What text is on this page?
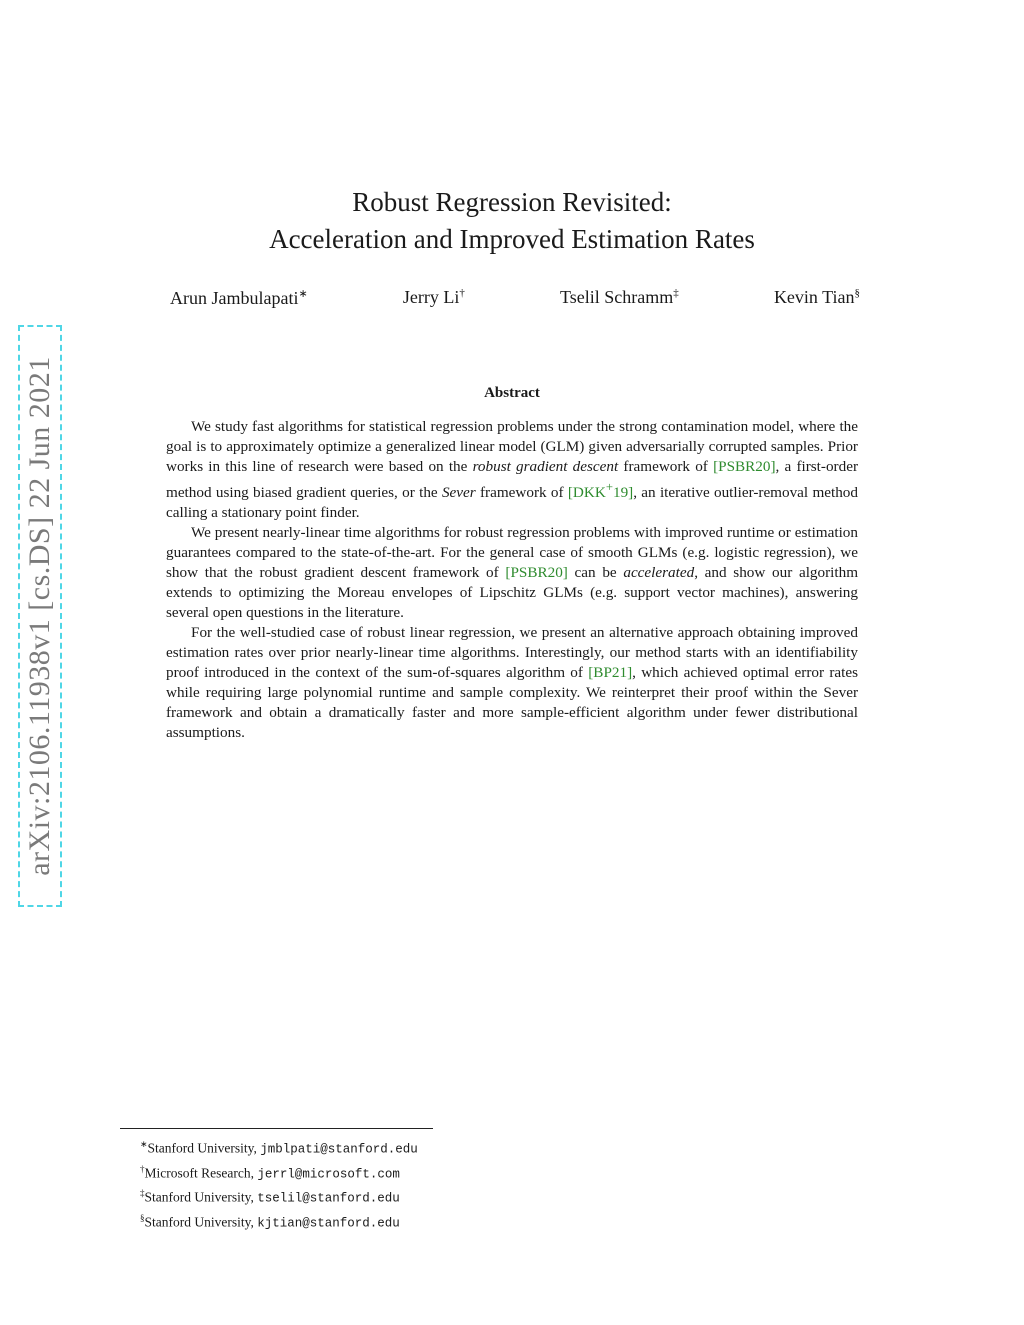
arXiv:2106.11938v1 [cs.DS] 22 Jun 2021
Robust Regression Revisited:
Acceleration and Improved Estimation Rates
Arun Jambulapati∗	Jerry Li†	Tselil Schramm‡	Kevin Tian§
Abstract

We study fast algorithms for statistical regression problems under the strong contamination model, where the goal is to approximately optimize a generalized linear model (GLM) given adversarially corrupted samples. Prior works in this line of research were based on the robust gradient descent framework of [PSBR20], a first-order method using biased gradient queries, or the Sever framework of [DKK+19], an iterative outlier-removal method calling a stationary point finder.

We present nearly-linear time algorithms for robust regression problems with improved runtime or estimation guarantees compared to the state-of-the-art. For the general case of smooth GLMs (e.g. logistic regression), we show that the robust gradient descent framework of [PSBR20] can be accelerated, and show our algorithm extends to optimizing the Moreau envelopes of Lipschitz GLMs (e.g. support vector machines), answering several open questions in the literature.

For the well-studied case of robust linear regression, we present an alternative approach obtaining improved estimation rates over prior nearly-linear time algorithms. Interestingly, our method starts with an identifiability proof introduced in the context of the sum-of-squares algorithm of [BP21], which achieved optimal error rates while requiring large polynomial runtime and sample complexity. We reinterpret their proof within the Sever framework and obtain a dramatically faster and more sample-efficient algorithm under fewer distributional assumptions.

∗Stanford University, jmblpati@stanford.edu
†Microsoft Research, jerrl@microsoft.com
‡Stanford University, tselil@stanford.edu
§Stanford University, kjtian@stanford.edu
